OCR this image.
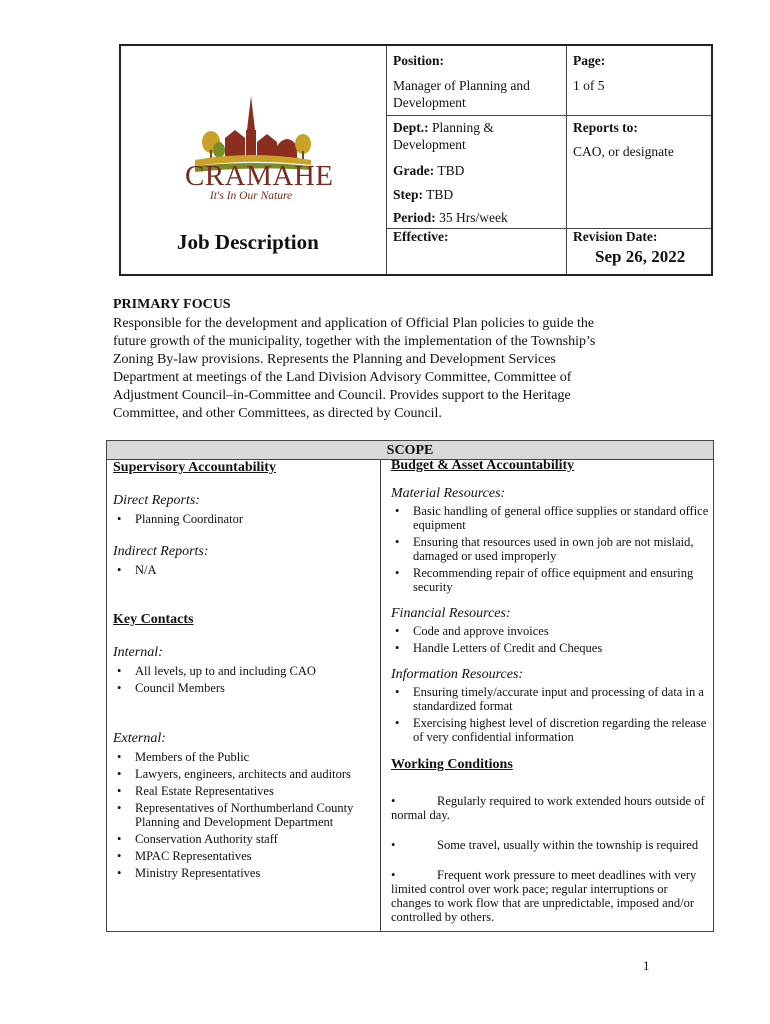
CRAMAHE
It's In Our Nature
Job Description
Position:
Manager of Planning and
Development
Page:
1 of 5
Dept.: Planning &
Development
Grade: TBD
Step: TBD
Period: 35 Hrs/week
Effective:
Reports to:
CAO, or designate
Revision Date:
Sep 26, 2022
PRIMARY FOCUS
Responsible for the development and application of Official Plan policies to guide the
future growth of the municipality, together with the implementation of the Township’s
Zoning By-law provisions. Represents the Planning and Development Services
Department at meetings of the Land Division Advisory Committee, Committee of
Adjustment Council–in-Committee and Council. Provides support to the Heritage
Committee, and other Committees, as directed by Council.
SCOPE
Supervisory Accountability
Direct Reports:
• Planning Coordinator
Indirect Reports:
• N/A
Key Contacts
Internal:
• All levels, up to and including CAO
• Council Members
External:
• Members of the Public
• Lawyers, engineers, architects and auditors
• Real Estate Representatives
• Representatives of Northumberland County Planning and Development Department
• Conservation Authority staff
• MPAC Representatives
• Ministry Representatives
Budget & Asset Accountability
Material Resources:
• Basic handling of general office supplies or standard office equipment
• Ensuring that resources used in own job are not mislaid, damaged or used improperly
• Recommending repair of office equipment and ensuring security
Financial Resources:
• Code and approve invoices
• Handle Letters of Credit and Cheques
Information Resources:
• Ensuring timely/accurate input and processing of data in a standardized format
• Exercising highest level of discretion regarding the release of very confidential information
Working Conditions
•	Regularly required to work extended hours outside of normal day.
•	Some travel, usually within the township is required
•	Frequent work pressure to meet deadlines with very limited control over work pace; regular interruptions or changes to work flow that are unpredictable, imposed and/or controlled by others.
1
